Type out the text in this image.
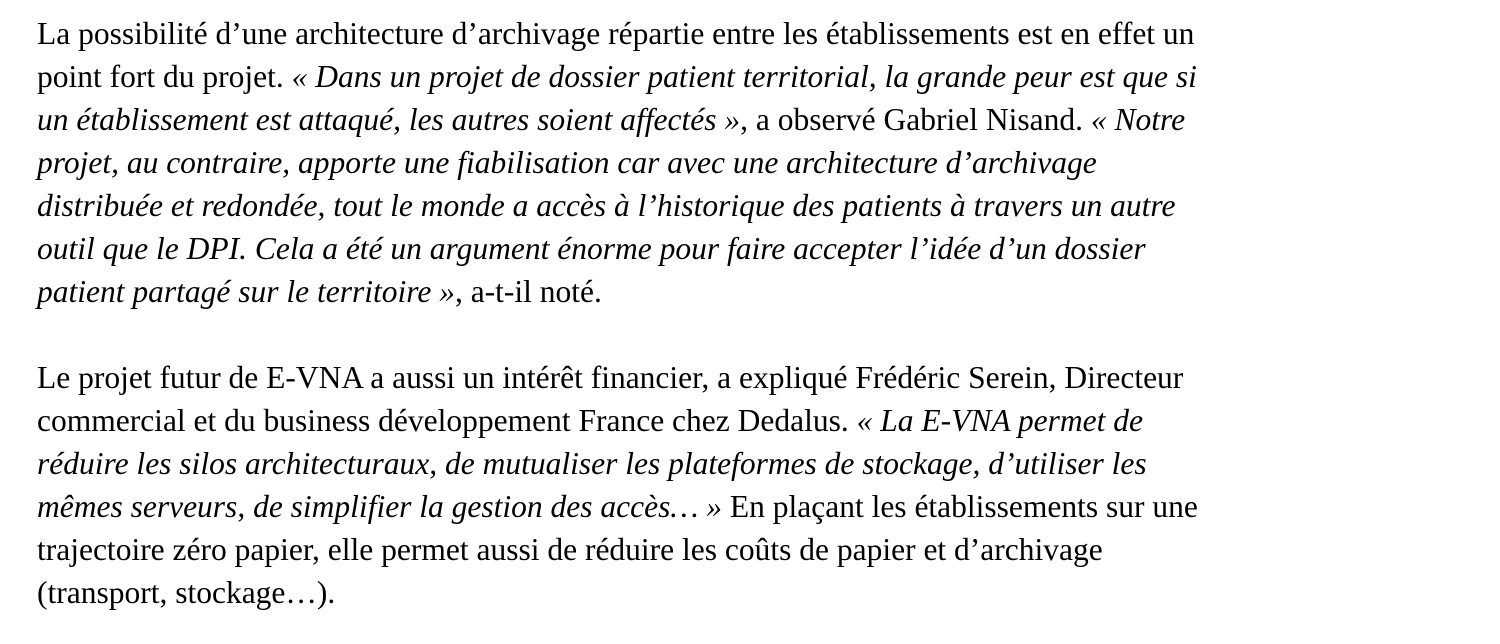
La possibilité d’une architecture d’archivage répartie entre les établissements est en effet un
point fort du projet. « Dans un projet de dossier patient territorial, la grande peur est que si
un établissement est attaqué, les autres soient affectés », a observé Gabriel Nisand. « Notre
projet, au contraire, apporte une fiabilisation car avec une architecture d’archivage
distribuée et redondée, tout le monde a accès à l’historique des patients à travers un autre
outil que le DPI. Cela a été un argument énorme pour faire accepter l’idée d’un dossier
patient partagé sur le territoire », a-t-il noté.

Le projet futur de E-VNA a aussi un intérêt financier, a expliqué Frédéric Serein, Directeur
commercial et du business développement France chez Dedalus. « La E-VNA permet de
réduire les silos architecturaux, de mutualiser les plateformes de stockage, d’utiliser les
mêmes serveurs, de simplifier la gestion des accès… » En plaçant les établissements sur une
trajectoire zéro papier, elle permet aussi de réduire les coûts de papier et d’archivage
(transport, stockage…).
